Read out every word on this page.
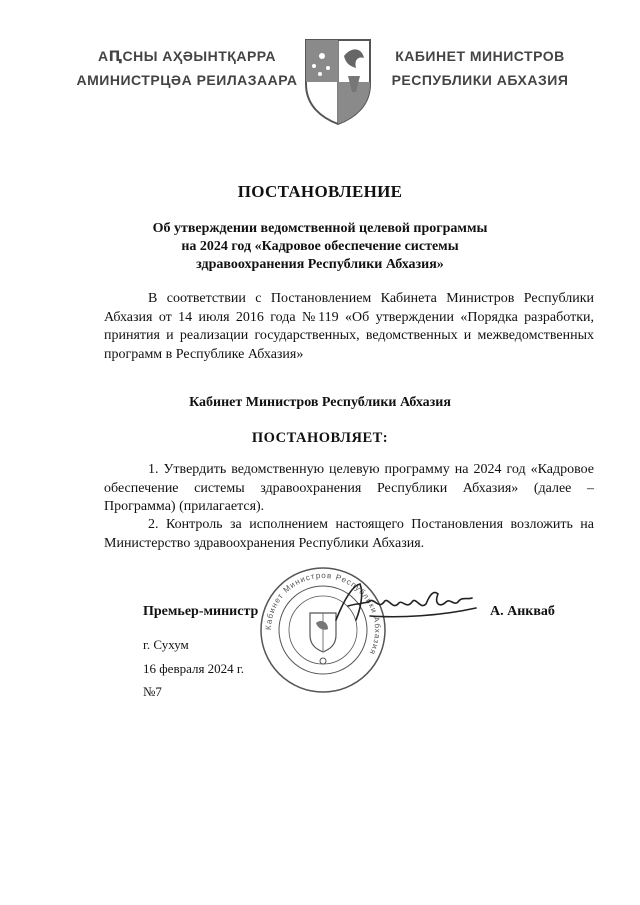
АԤСНЫ АҲӘЫНТҚАРРА
АМИНИСТРЦӘА РЕИЛАЗААРА
КАБИНЕТ МИНИСТРОВ
РЕСПУБЛИКИ АБХАЗИЯ
ПОСТАНОВЛЕНИЕ
Об утверждении ведомственной целевой программы
на 2024 год «Кадровое обеспечение системы
здравоохранения Республики Абхазия»
В соответствии с Постановлением Кабинета Министров Республики Абхазия от 14 июля 2016 года №119 «Об утверждении «Порядка разработки, принятия и реализации государственных, ведомственных и межведомственных программ в Республике Абхазия»
Кабинет Министров Республики Абхазия
ПОСТАНОВЛЯЕТ:
1. Утвердить ведомственную целевую программу на 2024 год «Кадровое обеспечение системы здравоохранения Республики Абхазия» (далее – Программа) (прилагается).
2. Контроль за исполнением настоящего Постановления возложить на Министерство здравоохранения Республики Абхазия.
Кабинет Министров Республики Абхазия
Премьер-министр	А. Анкваб
г. Сухум
16 февраля 2024 г.
№7
